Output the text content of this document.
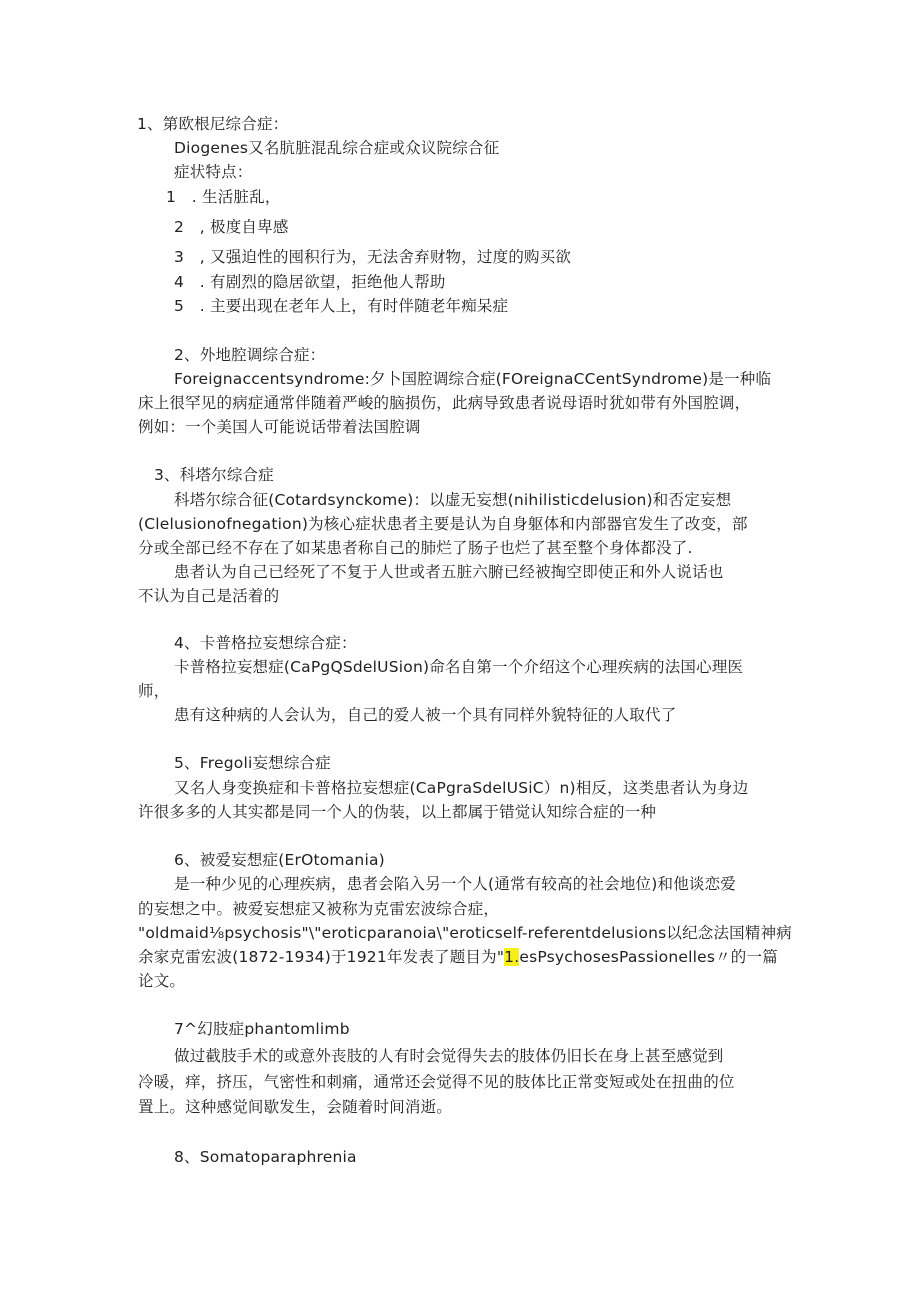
1、第欧根尼综合症：
Diogenes又名肮脏混乱综合症或众议院综合征
症状特点：
1　. 生活脏乱，
2　, 极度自卑感
3　, 又强迫性的囤积行为，无法舍弃财物，过度的购买欲
4　. 有剧烈的隐居欲望，拒绝他人帮助
5　. 主要出现在老年人上，有时伴随老年痴呆症
2、外地腔调综合症：
Foreignaccentsyndrome:夕卜国腔调综合症(FOreignaCCentSyndrome)是一种临
床上很罕见的病症通常伴随着严峻的脑损伤，此病导致患者说母语时犹如带有外国腔调，
例如：一个美国人可能说话带着法国腔调
3、科塔尔综合症
科塔尔综合征(Cotardsynckome)：以虚无妄想(nihilisticdelusion)和否定妄想
(Clelusionofnegation)为核心症状患者主要是认为自身躯体和内部器官发生了改变，部
分或全部已经不存在了如某患者称自己的肺烂了肠子也烂了甚至整个身体都没了.
患者认为自己已经死了不复于人世或者五脏六腑已经被掏空即使正和外人说话也
不认为自己是活着的
4、卡普格拉妄想综合症：
卡普格拉妄想症(CaPgQSdelUSion)命名自第一个介绍这个心理疾病的法国心理医
师，
患有这种病的人会认为，自己的爱人被一个具有同样外貌特征的人取代了
5、Fregoli妄想综合症
又名人身变换症和卡普格拉妄想症(CaPgraSdelUSiC）n)相反，这类患者认为身边
许很多多的人其实都是同一个人的伪装，以上都属于错觉认知综合症的一种
6、被爱妄想症(ErOtomania)
是一种少见的心理疾病，患者会陷入另一个人(通常有较高的社会地位)和他谈恋爱
的妄想之中。被爱妄想症又被称为克雷宏波综合症，
"oldmaid⅛psychosis"\"eroticparanoia\"eroticself-referentdelusions以纪念法国精神病
余家克雷宏波(1872-1934)于1921年发表了题目为"1.esPsychosesPassionelles〃的一篇
论文。
7^幻肢症phantomlimb
做过截肢手术的或意外丧肢的人有时会觉得失去的肢体仍旧长在身上甚至感觉到
冷暖，痒，挤压，气密性和刺痛，通常还会觉得不见的肢体比正常变短或处在扭曲的位
置上。这种感觉间歇发生，会随着时间消逝。
8、Somatoparaphrenia
